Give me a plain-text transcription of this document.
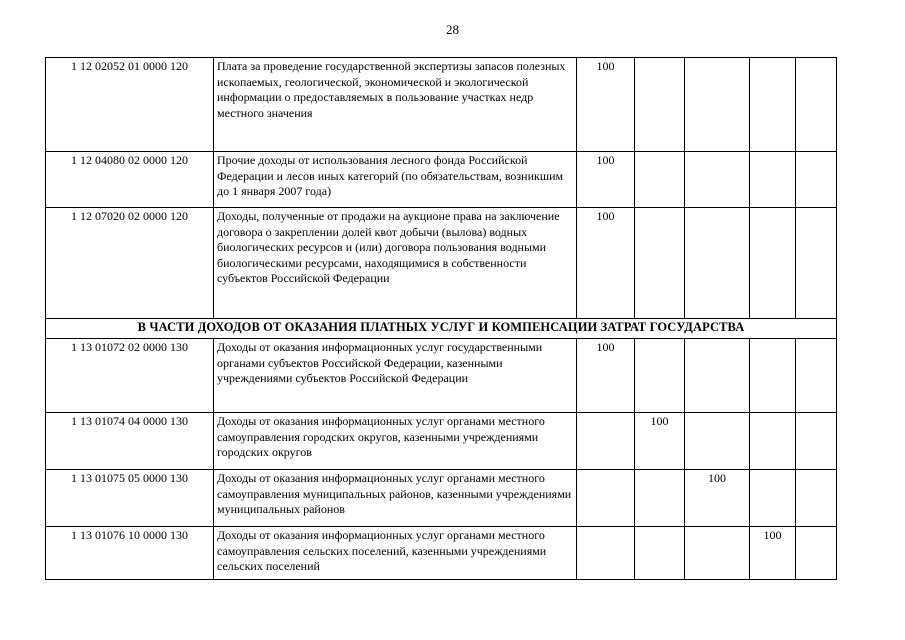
28
1 12 02052 01 0000 120	Плата за проведение государственной экспертизы запасов полезных ископаемых, геологической, экономической и экологической информации о предоставляемых в пользование участках недр местного значения	100				
1 12 04080 02 0000 120	Прочие доходы от использования лесного фонда Российской Федерации и лесов иных категорий (по обязательствам, возникшим до 1 января 2007 года)	100				
1 12 07020 02 0000 120	Доходы, полученные от продажи на аукционе права на заключение договора о закреплении долей квот добычи (вылова) водных биологических ресурсов и (или) договора пользования водными биологическими ресурсами, находящимися в собственности субъектов Российской Федерации	100				
В ЧАСТИ ДОХОДОВ ОТ ОКАЗАНИЯ ПЛАТНЫХ УСЛУГ И КОМПЕНСАЦИИ ЗАТРАТ ГОСУДАРСТВА						
1 13 01072 02 0000 130	Доходы от оказания информационных услуг государственными органами субъектов Российской Федерации, казенными учреждениями субъектов Российской Федерации	100				
1 13 01074 04 0000 130	Доходы от оказания информационных услуг органами местного самоуправления городских округов, казенными учреждениями городских округов		100			
1 13 01075 05 0000 130	Доходы от оказания информационных услуг органами местного самоуправления муниципальных районов, казенными учреждениями муниципальных районов			100		
1 13 01076 10 0000 130	Доходы от оказания информационных услуг органами местного самоуправления сельских поселений, казенными учреждениями сельских поселений				100	
